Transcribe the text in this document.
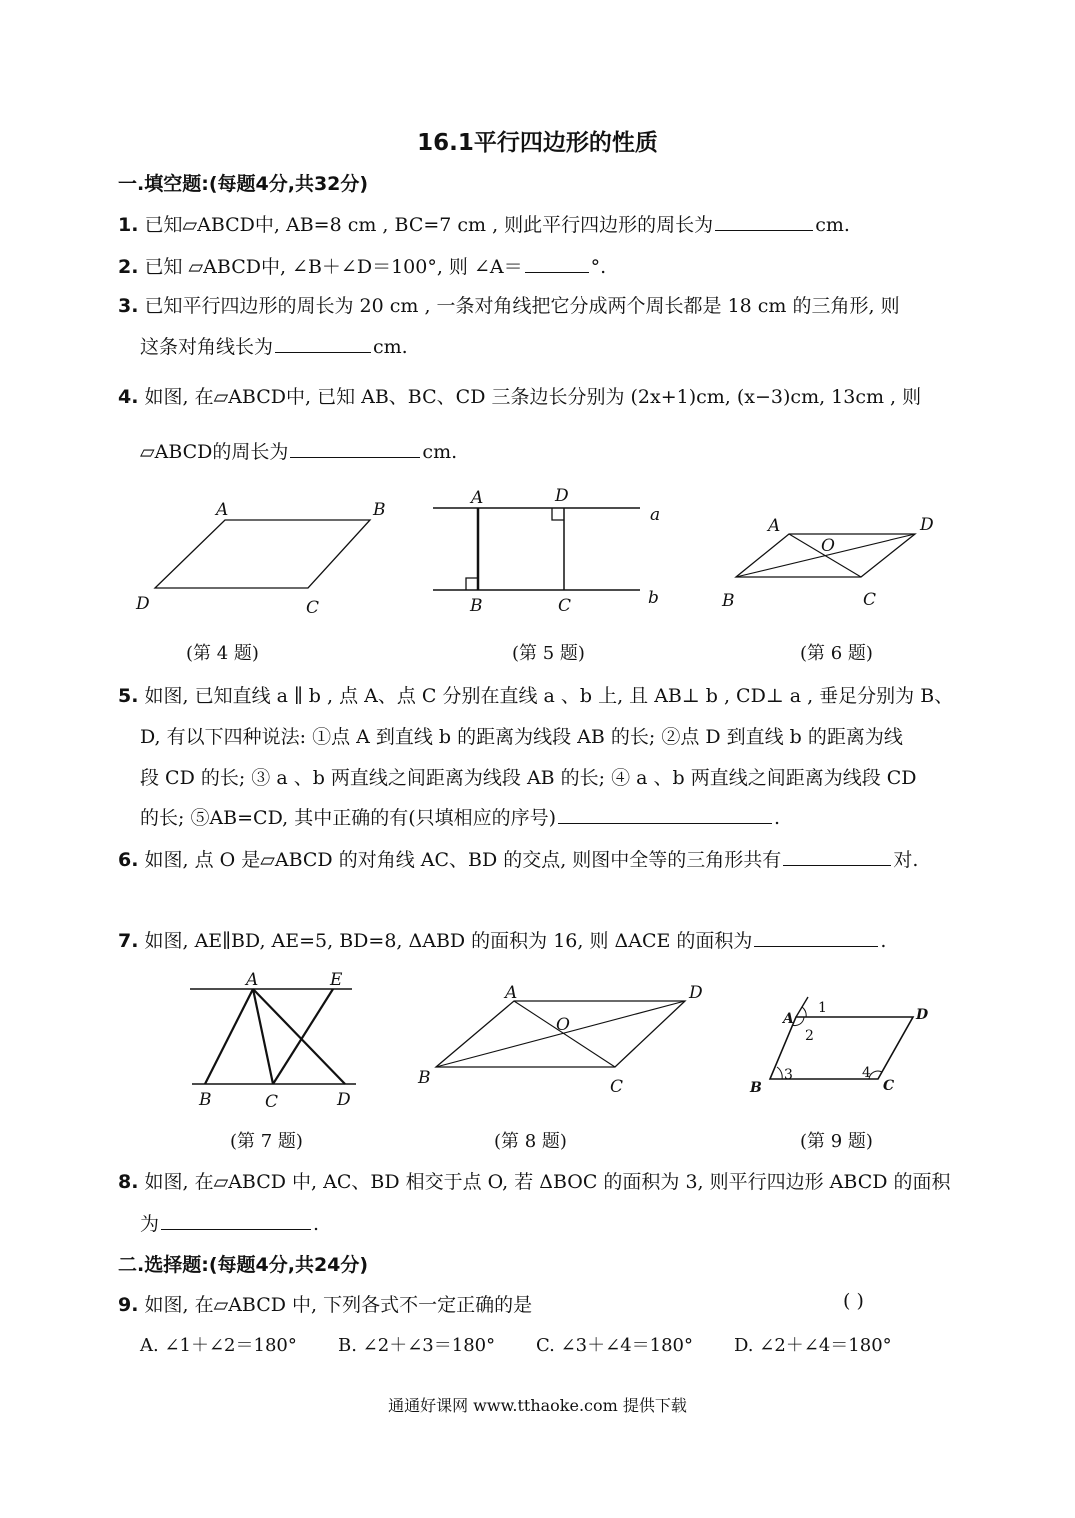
16.1平行四边形的性质
一.填空题:(每题4分,共32分)
1. 已知▱ABCD中, AB=8 cm , BC=7 cm , 则此平行四边形的周长为	cm.
2. 已知 ▱ABCD中, ∠B＋∠D＝100°, 则 ∠A＝	°.
3. 已知平行四边形的周长为 20 cm , 一条对角线把它分成两个周长都是 18 cm 的三角形, 则
这条对角线长为	cm.
4. 如图, 在▱ABCD中, 已知 AB、BC、CD 三条边长分别为 (2x+1)cm, (x−3)cm, 13cm , 则
▱ABCD的周长为	cm.
A	B
D	C
A	D
a
B	C	b
A
O
D
B	C
(第 4 题)	(第 5 题)	(第 6 题)
5. 如图, 已知直线 a ∥ b , 点 A、点 C 分别在直线 a 、b 上, 且 AB⊥ b , CD⊥ a , 垂足分别为 B、
D, 有以下四种说法: ①点 A 到直线 b 的距离为线段 AB 的长; ②点 D 到直线 b 的距离为线
段 CD 的长; ③ a 、b 两直线之间距离为线段 AB 的长; ④ a 、b 两直线之间距离为线段 CD
的长; ⑤AB=CD, 其中正确的有(只填相应的序号)	.
6. 如图, 点 O 是▱ABCD 的对角线 AC、BD 的交点, 则图中全等的三角形共有	对.
7. 如图, AE∥BD, AE=5, BD=8, ΔABD 的面积为 16, 则 ΔACE 的面积为	.
A	E
B	C	D
A	D
O
B	C
A
1
2
D
B
3	4
C
(第 7 题)	(第 8 题)	(第 9 题)
8. 如图, 在▱ABCD 中, AC、BD 相交于点 O, 若 ΔBOC 的面积为 3, 则平行四边形 ABCD 的面积
为	.
二.选择题:(每题4分,共24分)
9. 如图, 在▱ABCD 中, 下列各式不一定正确的是	( )
A. ∠1＋∠2＝180° B. ∠2＋∠3＝180° C. ∠3＋∠4＝180° D. ∠2＋∠4＝180°
通通好课网 www.tthaoke.com 提供下载
